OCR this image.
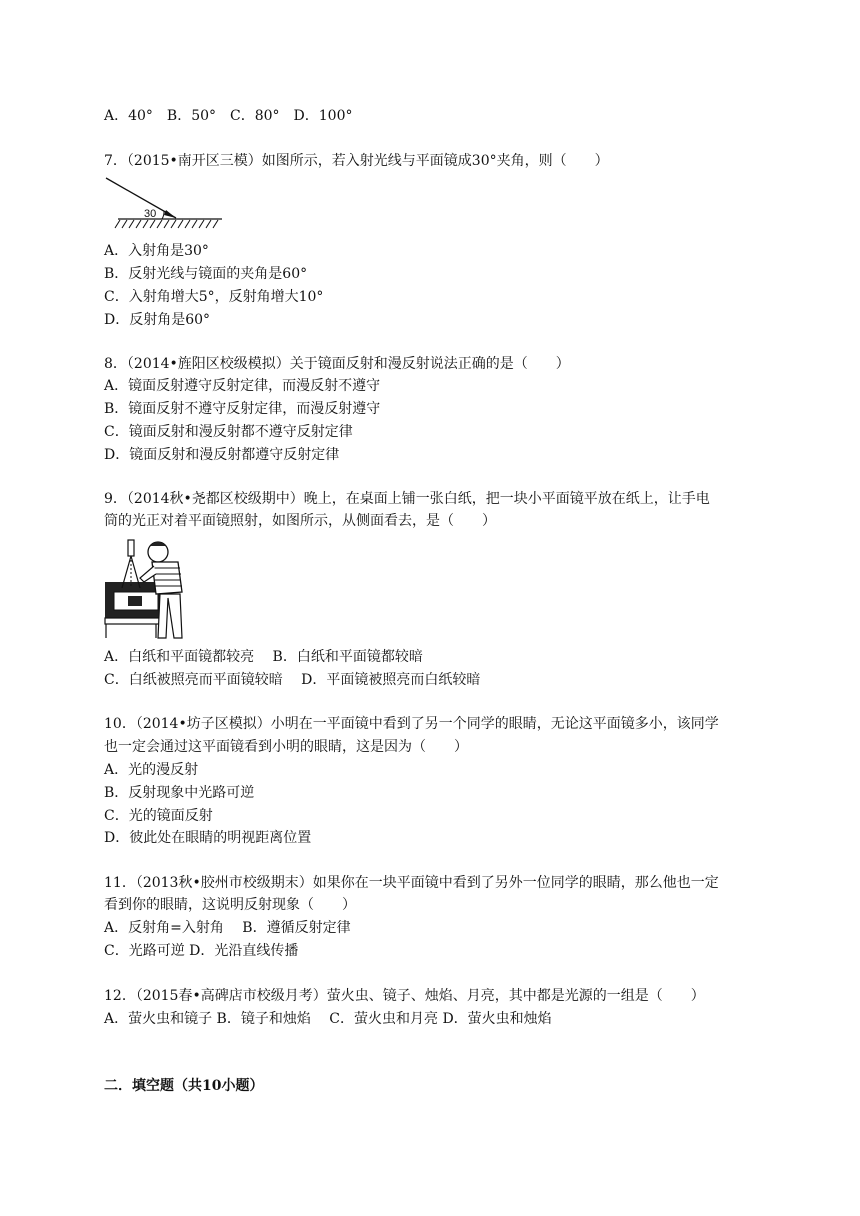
A．40°　B．50°　C．80°　D．100°
7．（2015•南开区三模）如图所示，若入射光线与平面镜成30°夹角，则（　　）
30
A．入射角是30°
B．反射光线与镜面的夹角是60°
C．入射角增大5°，反射角增大10°
D．反射角是60°
8．（2014•旌阳区校级模拟）关于镜面反射和漫反射说法正确的是（　　）
A．镜面反射遵守反射定律，而漫反射不遵守
B．镜面反射不遵守反射定律，而漫反射遵守
C．镜面反射和漫反射都不遵守反射定律
D．镜面反射和漫反射都遵守反射定律
9．（2014秋•尧都区校级期中）晚上，在桌面上铺一张白纸，把一块小平面镜平放在纸上，让手电
筒的光正对着平面镜照射，如图所示，从侧面看去，是（　　）
A．白纸和平面镜都较亮　 B．白纸和平面镜都较暗
C．白纸被照亮而平面镜较暗　 D．平面镜被照亮而白纸较暗
10．（2014•坊子区模拟）小明在一平面镜中看到了另一个同学的眼睛，无论这平面镜多小，该同学
也一定会通过这平面镜看到小明的眼睛，这是因为（　　）
A．光的漫反射
B．反射现象中光路可逆
C．光的镜面反射
D．彼此处在眼睛的明视距离位置
11．（2013秋•胶州市校级期末）如果你在一块平面镜中看到了另外一位同学的眼睛，那么他也一定
看到你的眼睛，这说明反射现象（　　）
A．反射角=入射角　 B．遵循反射定律
C．光路可逆 D．光沿直线传播
12．（2015春•高碑店市校级月考）萤火虫、镜子、烛焰、月亮，其中都是光源的一组是（　　）
A．萤火虫和镜子 B．镜子和烛焰　 C．萤火虫和月亮 D．萤火虫和烛焰
二．填空题（共10小题）
